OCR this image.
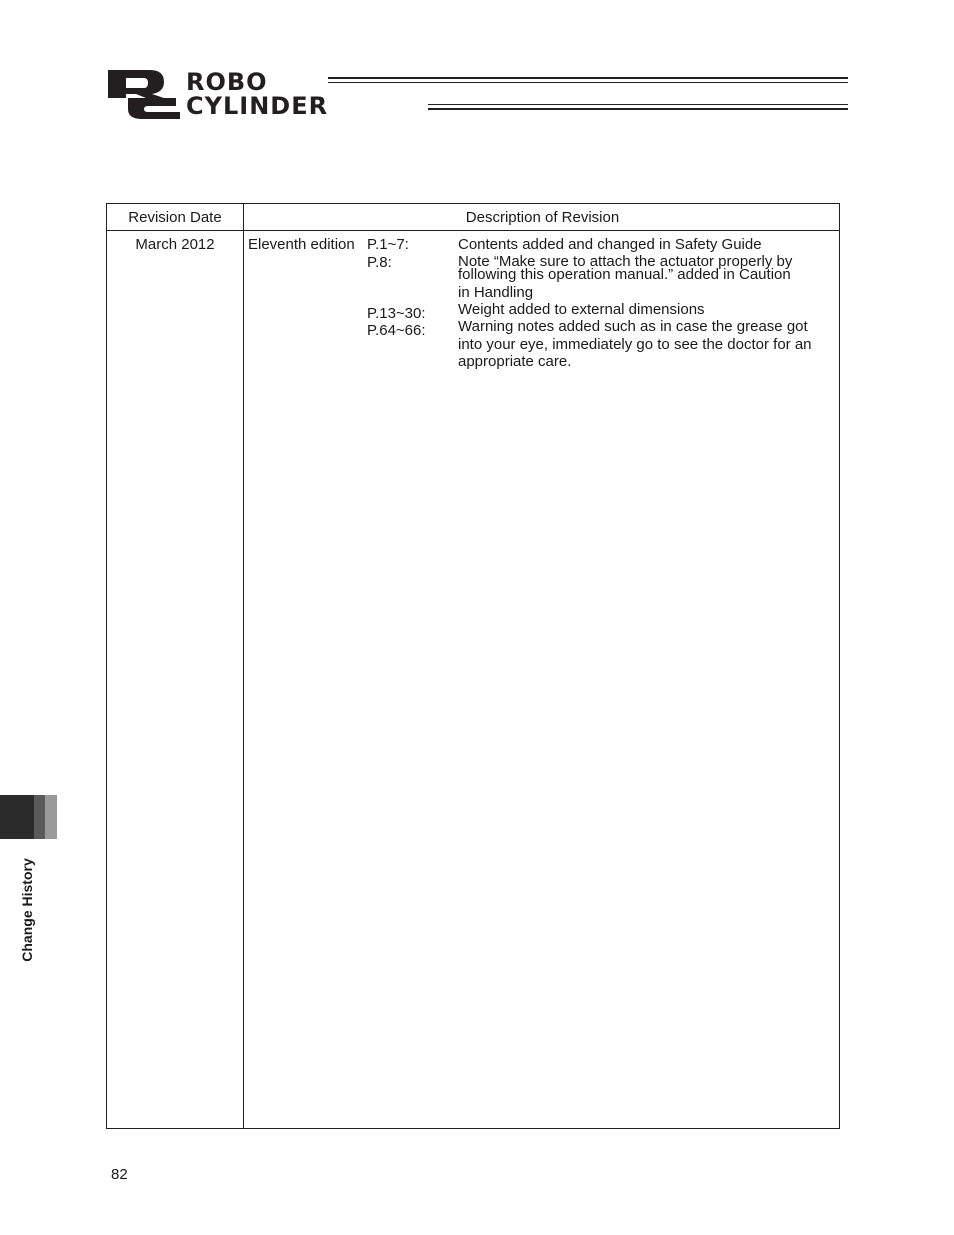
ROBO
CYLINDER
Revision Date	Description of Revision
March 2012	Eleventh edition P.1~7:	Contents added and changed in Safety Guide
P.8:	Note “Make sure to attach the actuator properly by
following this operation manual.” added in Caution
in Handling
P.13~30: Weight added to external dimensions
P.64~66: Warning notes added such as in case the grease got
into your eye, immediately go to see the doctor for an
appropriate care.
Change History
82
